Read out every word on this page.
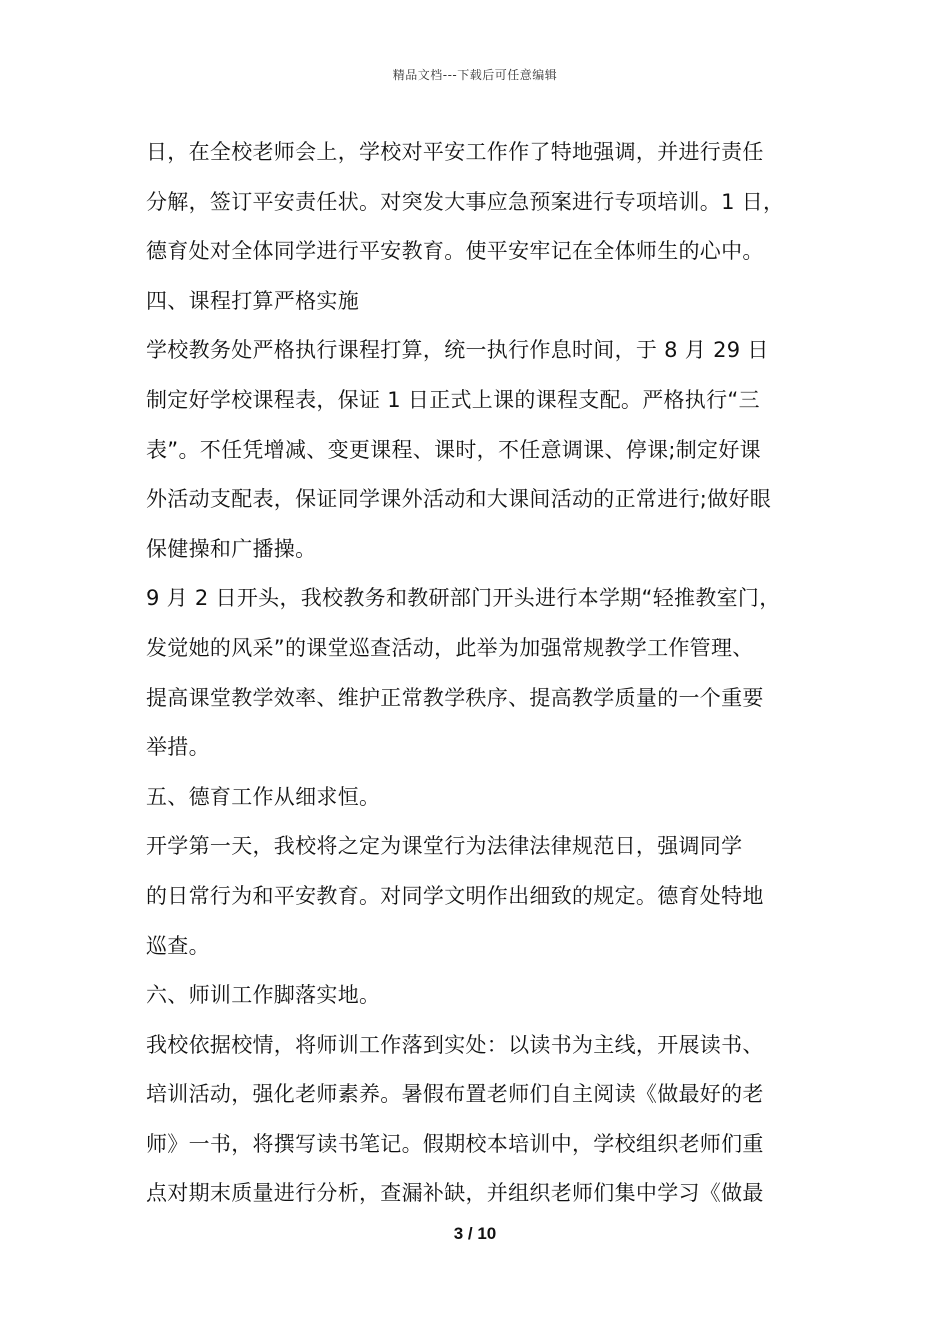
精品文档---下载后可任意编辑
日，在全校老师会上，学校对平安工作作了特地强调，并进行责任
分解，签订平安责任状。对突发大事应急预案进行专项培训。1 日，
德育处对全体同学进行平安教育。使平安牢记在全体师生的心中。
四、课程打算严格实施
学校教务处严格执行课程打算，统一执行作息时间，于 8 月 29 日
制定好学校课程表，保证 1 日正式上课的课程支配。严格执行“三
表”。不任凭增减、变更课程、课时，不任意调课、停课;制定好课
外活动支配表，保证同学课外活动和大课间活动的正常进行;做好眼
保健操和广播操。
9 月 2 日开头，我校教务和教研部门开头进行本学期“轻推教室门，
发觉她的风采”的课堂巡查活动，此举为加强常规教学工作管理、
提高课堂教学效率、维护正常教学秩序、提高教学质量的一个重要
举措。
五、德育工作从细求恒。
开学第一天，我校将之定为课堂行为法律法律规范日，强调同学
的日常行为和平安教育。对同学文明作出细致的规定。德育处特地
巡查。
六、师训工作脚落实地。
我校依据校情，将师训工作落到实处：以读书为主线，开展读书、
培训活动，强化老师素养。暑假布置老师们自主阅读《做最好的老
师》一书，将撰写读书笔记。假期校本培训中，学校组织老师们重
点对期末质量进行分析，查漏补缺，并组织老师们集中学习《做最
3 / 10
